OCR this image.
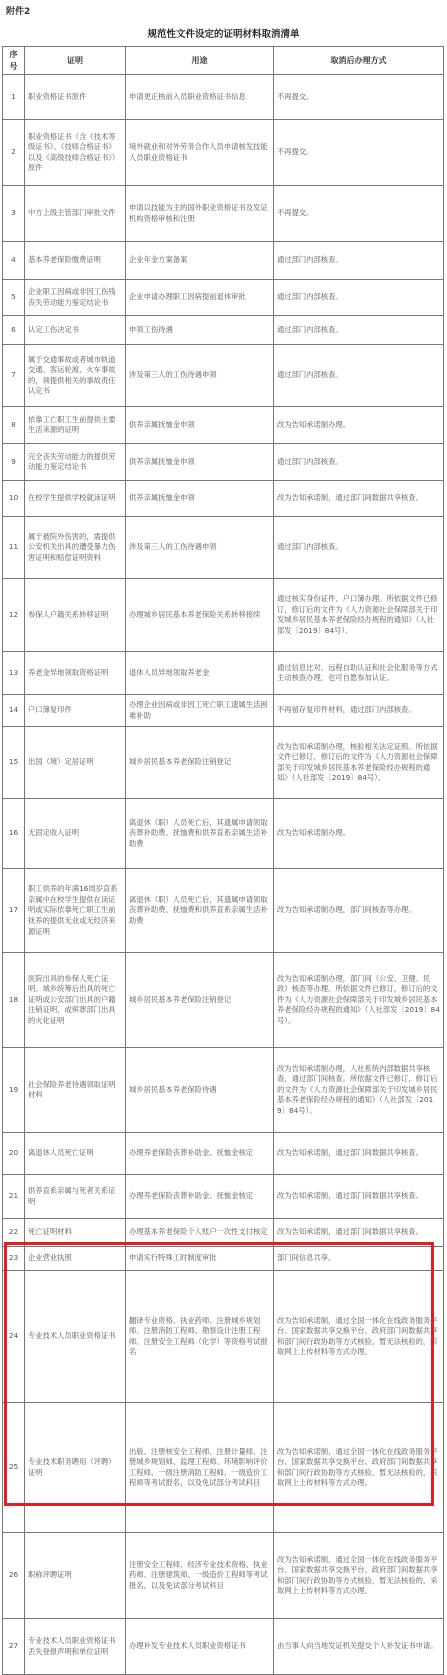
附件2
规范性文件设定的证明材料取消清单
序号	证明	用途	取消后办理方式
1	职业资格证书原件	申请更正核前入员职业资格证书信息	不再提交。
2	职业资格证书（含《技术等级证书》、《技师合格证书》以及《高级技师合格证书》）原件	境外就业和对外劳务合作人员申请核发技能人员职业资格证书	不再提交。
3	中方上级主管部门审批文件	申请以技能为主的国外职业资格证书及发证机构资格审核和注册	不再提交。
4	基本养老保险缴费证明	企业年金方案备案	通过部门内部核查。
5	企业职工因病或非因工伤残丧失劳动能力鉴定结论书	企业申请办理职工因病提前退休审批	通过部门内部核查。
6	认定工伤决定书	申领工伤待遇	通过部门内部核查。
7	属于交通事故或者城市轨道交通、客运轮渡、火车事故的，须提供相关的事故责任认定书	涉及第三人的工伤待遇申领	通过部门内部核查。
8	依靠工亡职工生前提供主要生活来源的证明	供养亲属抚恤金申领	改为告知承诺制办理。
9	完全丧失劳动能力的提供劳动能力鉴定结论书	供养亲属抚恤金申领	通过部门内部核查。
10	在校学生提供学校就读证明	供养亲属抚恤金申领	改为告知承诺制，通过部门间数据共享核查。
11	属于被院外伤害的，需提供公安机关出具的遭受暴力伤害证明和赔偿证明资料	涉及第三人的工伤待遇申领	通过部门内部核查。
12	参保人户籍关系转移证明	办理城乡居民基本养老保险关系转移接续	通过核实身份证件、户口簿办理。所依据文件已修订，修订后的文件为《人力资源社会保障部关于印发城乡居民基本养老保险经办规程的通知》（人社部发〔2019〕84号）。
13	养老金异地领取资格证明	退休人员异地领取养老金	通过信息比对、远程自助认证和社会化服务等方式主动核查办理，也可自愿参加认证。
14	户口簿复印件	办理企业因病或非因工死亡职工遗属生活困难补助	不再留存复印件材料，通过部门内部核查。
15	出国（境）定居证明	城乡居民基本养老保险注销登记	改为告知承诺制办理，核验相关法定证照。所依据文件已修订，修订后的文件为《人力资源社会保障部关于印发城乡居民基本养老保险经办规程的通知》（人社部发〔2019〕84号）。
16	无固定收入证明	离退休（职）人员死亡后，其遗属申请领取丧葬补助费、抚恤费和供养直系亲属生活补助费	改为告知承诺制办理。
17	职工供养的年满16周岁直系亲属中在校学生提供在读证明或实际依靠死亡职工生前抚养的提供无业或无经济来源证明	离退休（职）人员死亡后，其遗属申请领取丧葬补助费、抚恤费和供养直系亲属生活补助费	改为告知承诺制办理，部门间核查等办理。
18	医院出具的参保人死亡证明、城乡统筹后出具的死亡证明或公安部门出具的户籍注销证明，或殡葬部门出具的火化证明	城乡居民基本养老保险注销登记	改为告知承诺制办理，部门间（公安、卫健、民政）核查等办理。所依据文件已修订，修订后的文件为《人力资源社会保障部关于印发城乡居民基本养老保险经办规程的通知》（人社部发〔2019〕84号）。
19	社会保险养老待遇领取证明材料	城乡居民基本养老保险待遇	改为告知承诺制办理，人社系统内部数据共享核查，通过部门间核查。所依据文件已修订，修订后的文件为《人力资源社会保障部关于印发城乡居民基本养老保险经办规程的通知》（人社部发〔2019〕84号）。
20	离退休人员死亡证明	办理养老保险丧葬补助金、抚恤金核定	改为告知承诺制，通过部门间数据共享核查。
21	供养直系亲属与死者关系证明	办理养老保险丧葬补助金、抚恤金核定	改为告知承诺制，通过部门间数据共享核查。
22	死亡证明材料	办理基本养老保险个人账户一次性支付核定	改为告知承诺制，通过部门间数据共享核查。
23	企业营业执照	申请实行特殊工时制度审批	部门间信息共享。
24	专业技术人员职业资格证书	翻译专业资格、执业药师、注册城乡规划师、注册消防工程师、勘察设计注册工程师、注册安全工程师（化学）等资格考试报名	改为告知承诺制，通过全国一体化在线政务服务平台、国家数据共享交换平台、政府部门间数据共享和部门间行政协助等方式核验，暂无法核验的，采取网上上传材料等方式办理。
25	专业技术职务聘用（评聘）证明	出版、注册核安全工程师、注册计量师、注册城乡规划师、监理工程师、环境影响评价工程师、一级注册消防工程师、一级造价工程师等考试报名，以及免试部分考试科目	改为告知承诺制，通过全国一体化在线政务服务平台、国家数据共享交换平台、政府部门间数据共享和部门间行政协助等方式核验，暂无法核验的，采取网上上传材料等方式办理。
26	职称评聘证明	注册安全工程师、经济专业技术资格、执业药师、注册建筑师、一级造价工程师等考试报名，以及免试部分考试科目	改为告知承诺制，通过全国一体化在线政务服务平台、国家数据共享交换平台、政府部门间数据共享和部门间行政协助等方式核验，暂无法核验的，采取网上上传材料等方式办理。
27	专业技术人员职业资格证书丢失登报声明和单位证明	办理补发专业技术人员职业资格证书	由当事人向当地发证机关提交个人补发证书申请。
